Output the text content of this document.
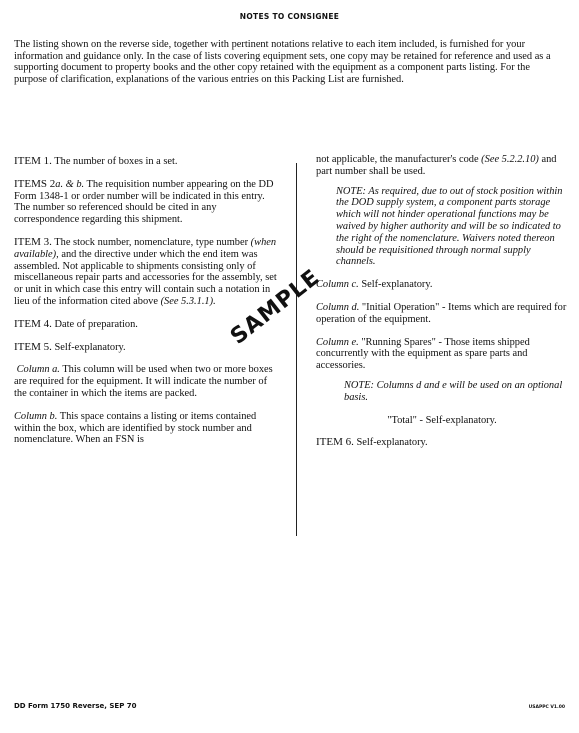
NOTES TO CONSIGNEE

The listing shown on the reverse side, together with pertinent notations relative to each item included, is furnished for your information and guidance only. In the case of lists covering equipment sets, one copy may be retained for reference and used as a supporting document to property books and the other copy retained with the equipment as a component parts listing. For the purpose of clarification, explanations of the various entries on this Packing List are furnished.

ITEM 1. The number of boxes in a set.

ITEMS 2a. & b. The requisition number appearing on the DD Form 1348-1 or order number will be indicated in this entry. The number so referenced should be cited in any correspondence regarding this shipment.

ITEM 3. The stock number, nomenclature, type number (when available), and the directive under which the end item was assembled. Not applicable to shipments consisting only of miscellaneous repair parts and accessories for the assembly, set or unit in which case this entry will contain such a notation in lieu of the information cited above (See 5.3.1.1).

ITEM 4. Date of preparation.

ITEM 5. Self-explanatory.

Column a. This column will be used when two or more boxes are required for the equipment. It will indicate the number of the container in which the items are packed.

Column b. This space contains a listing or items contained within the box, which are identified by stock number and nomenclature. When an FSN is

not applicable, the manufacturer's code (See 5.2.2.10) and part number shall be used.

NOTE: As required, due to out of stock position within the DOD supply system, a component parts storage which will not hinder operational functions may be waived by higher authority and will be so indicated to the right of the nomenclature. Waivers noted thereon should be requisitioned through normal supply channels.

Column c. Self-explanatory.

Column d. "Initial Operation" - Items which are required for operation of the equipment.

Column e. "Running Spares" - Those items shipped concurrently with the equipment as spare parts and accessories.

NOTE: Columns d and e will be used on an optional basis.

"Total" - Self-explanatory.

ITEM 6. Self-explanatory.

SAMPLE
DD Form 1750 Reverse, SEP 70	USAPPC V1.00
